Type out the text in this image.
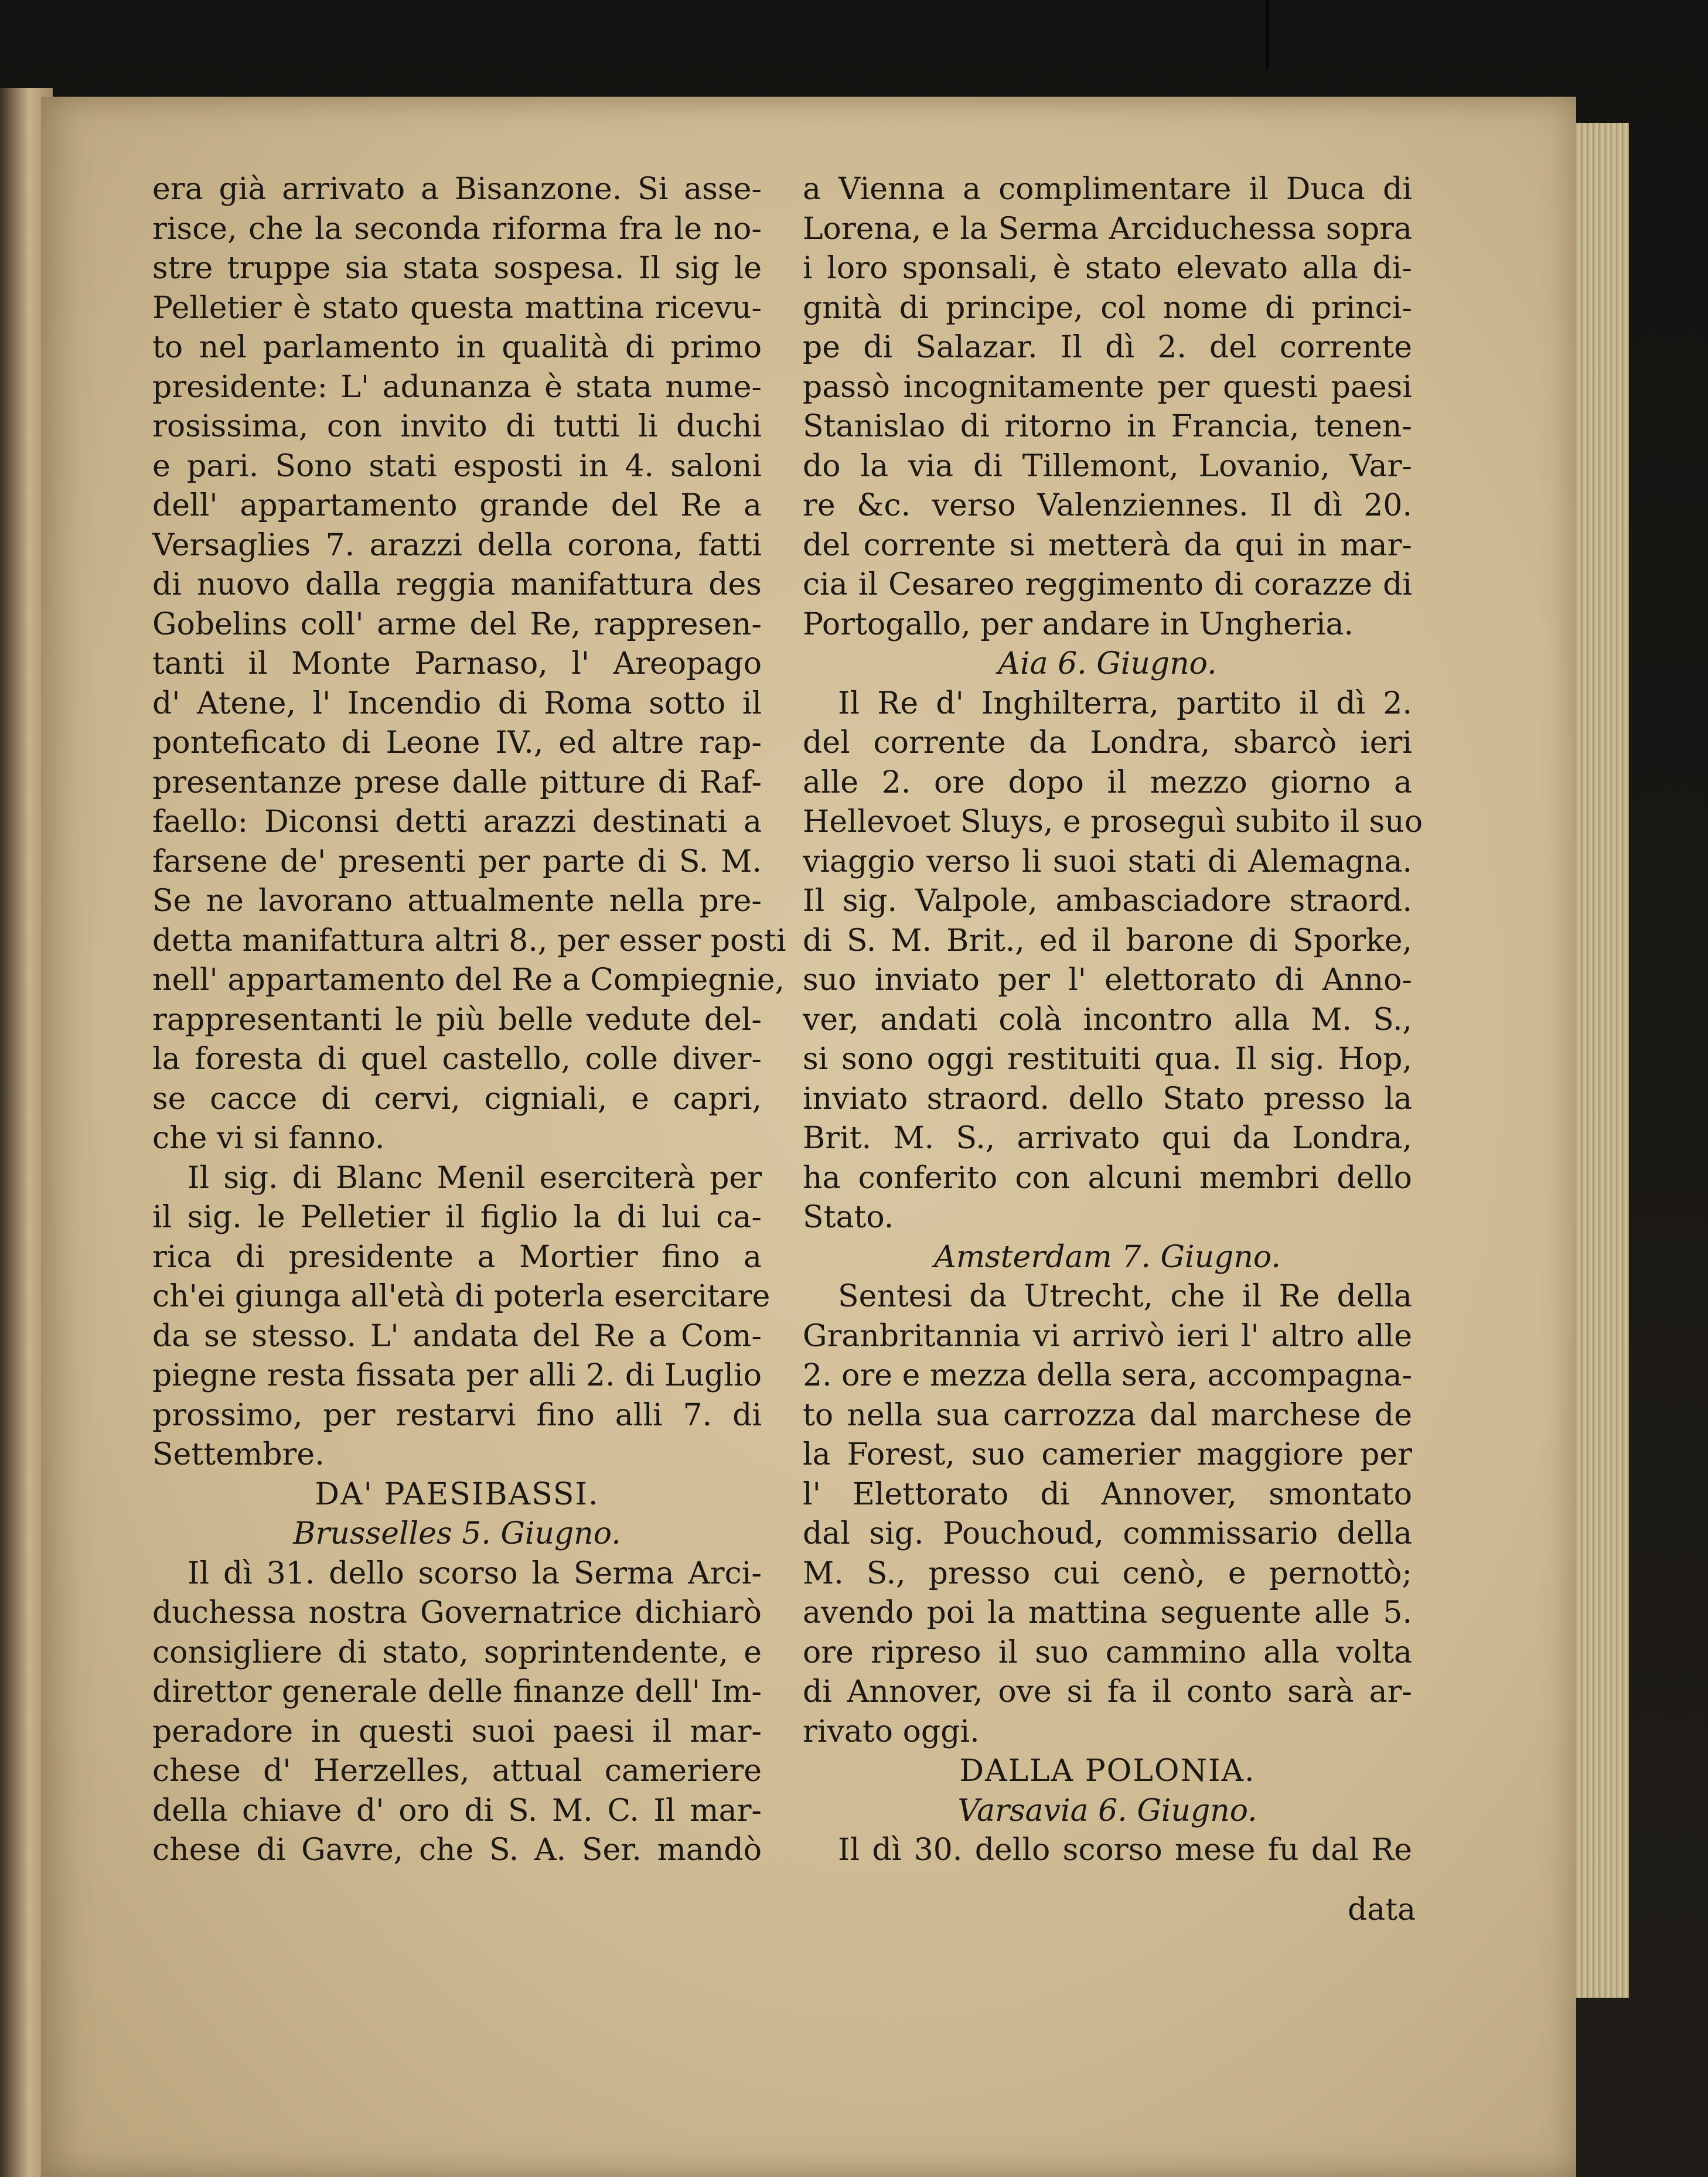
era già arrivato a Bisanzone. Si asse-
risce, che la seconda riforma fra le no-
stre truppe sia stata sospesa. Il sig le
Pelletier è stato questa mattina ricevu-
to nel parlamento in qualità di primo
presidente: L' adunanza è stata nume-
rosissima, con invito di tutti li duchi
e pari. Sono stati esposti in 4. saloni
dell' appartamento grande del Re a
Versaglies 7. arazzi della corona, fatti
di nuovo dalla reggia manifattura des
Gobelins coll' arme del Re, rappresen-
tanti il Monte Parnaso, l' Areopago
d' Atene, l' Incendio di Roma sotto il
ponteficato di Leone IV., ed altre rap-
presentanze prese dalle pitture di Raf-
faello: Diconsi detti arazzi destinati a
farsene de' presenti per parte di S. M.
Se ne lavorano attualmente nella pre-
detta manifattura altri 8., per esser posti
nell' appartamento del Re a Compiegnie,
rappresentanti le più belle vedute del-
la foresta di quel castello, colle diver-
se cacce di cervi, cigniali, e capri,
che vi si fanno.
Il sig. di Blanc Menil eserciterà per
il sig. le Pelletier il figlio la di lui ca-
rica di presidente a Mortier fino a
ch'ei giunga all'età di poterla esercitare
da se stesso. L' andata del Re a Com-
piegne resta fissata per alli 2. di Luglio
prossimo, per restarvi fino alli 7. di
Settembre.
DA' PAESIBASSI.
Brusselles 5. Giugno.
Il dì 31. dello scorso la Serma Arci-
duchessa nostra Governatrice dichiarò
consigliere di stato, soprintendente, e
direttor generale delle finanze dell' Im-
peradore in questi suoi paesi il mar-
chese d' Herzelles, attual cameriere
della chiave d' oro di S. M. C. Il mar-
chese di Gavre, che S. A. Ser. mandò
a Vienna a complimentare il Duca di
Lorena, e la Serma Arciduchessa sopra
i loro sponsali, è stato elevato alla di-
gnità di principe, col nome di princi-
pe di Salazar. Il dì 2. del corrente
passò incognitamente per questi paesi
Stanislao di ritorno in Francia, tenen-
do la via di Tillemont, Lovanio, Var-
re &c. verso Valenziennes. Il dì 20.
del corrente si metterà da qui in mar-
cia il Cesareo reggimento di corazze di
Portogallo, per andare in Ungheria.
Aia 6. Giugno.
Il Re d' Inghilterra, partito il dì 2.
del corrente da Londra, sbarcò ieri
alle 2. ore dopo il mezzo giorno a
Hellevoet Sluys, e proseguì subito il suo
viaggio verso li suoi stati di Alemagna.
Il sig. Valpole, ambasciadore straord.
di S. M. Brit., ed il barone di Sporke,
suo inviato per l' elettorato di Anno-
ver, andati colà incontro alla M. S.,
si sono oggi restituiti qua. Il sig. Hop,
inviato straord. dello Stato presso la
Brit. M. S., arrivato qui da Londra,
ha conferito con alcuni membri dello
Stato.
Amsterdam 7. Giugno.
Sentesi da Utrecht, che il Re della
Granbritannia vi arrivò ieri l' altro alle
2. ore e mezza della sera, accompagna-
to nella sua carrozza dal marchese de
la Forest, suo camerier maggiore per
l' Elettorato di Annover, smontato
dal sig. Pouchoud, commissario della
M. S., presso cui cenò, e pernottò;
avendo poi la mattina seguente alle 5.
ore ripreso il suo cammino alla volta
di Annover, ove si fa il conto sarà ar-
rivato oggi.
DALLA POLONIA.
Varsavia 6. Giugno.
Il dì 30. dello scorso mese fu dal Re
data
